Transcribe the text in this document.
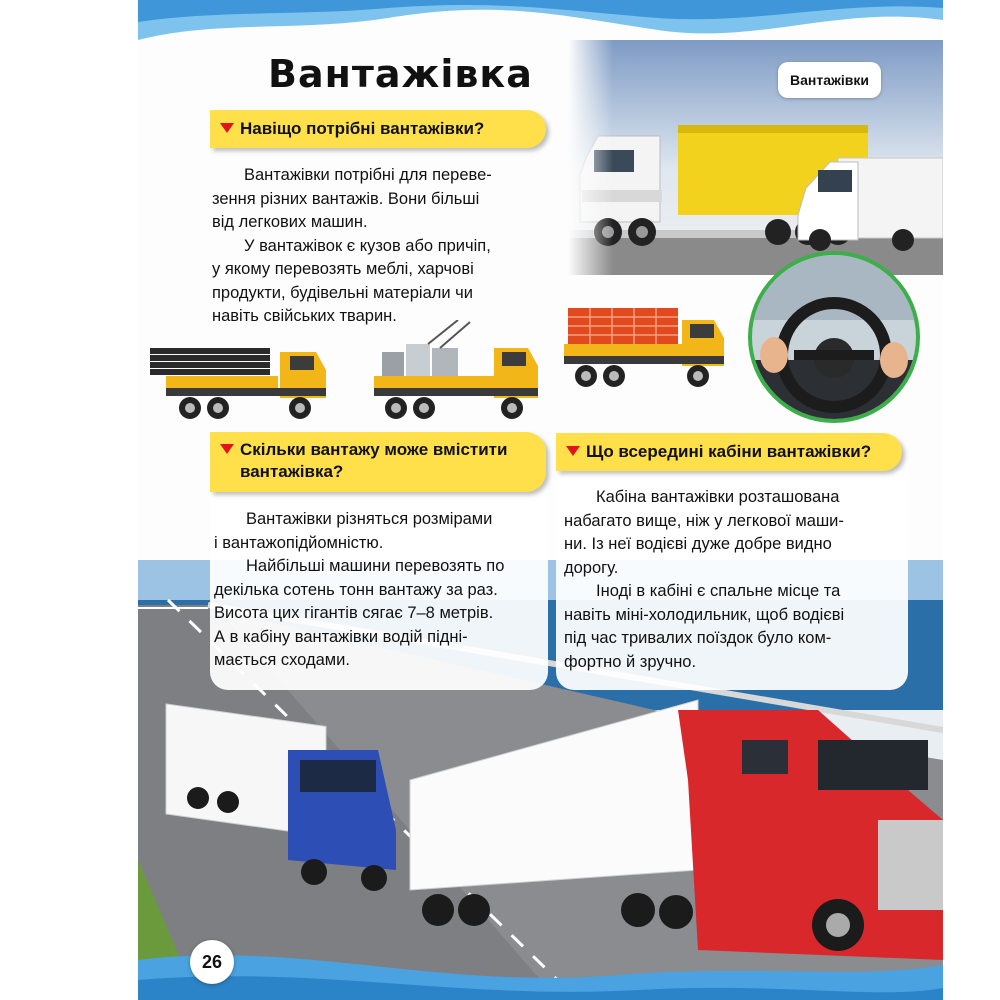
Вантажівки
Вантажівка
Навіщо потрібні вантажівки?

Вантажівки потрібні для переве-

зення різних вантажів. Вони більші

від легкових машин.

У вантажівок є кузов або причіп,

у якому перевозять меблі, харчові

продукти, будівельні матеріали чи

навіть свійських тварин.

Скільки вантажу може вмістити
вантажівка?

Вантажівки різняться розмірами

і вантажопідйомністю.

Найбільші машини перевозять по

декілька сотень тонн вантажу за раз.

Висота цих гігантів сягає 7–8 метрів.

А в кабіну вантажівки водій підні-

мається сходами.

Що всередині кабіни вантажівки?

Кабіна вантажівки розташована

набагато вище, ніж у легкової маши-

ни. Із неї водієві дуже добре видно

дорогу.

Іноді в кабіні є спальне місце та

навіть міні-холодильник, щоб водієві

під час тривалих поїздок було ком-

фортно й зручно.

26
